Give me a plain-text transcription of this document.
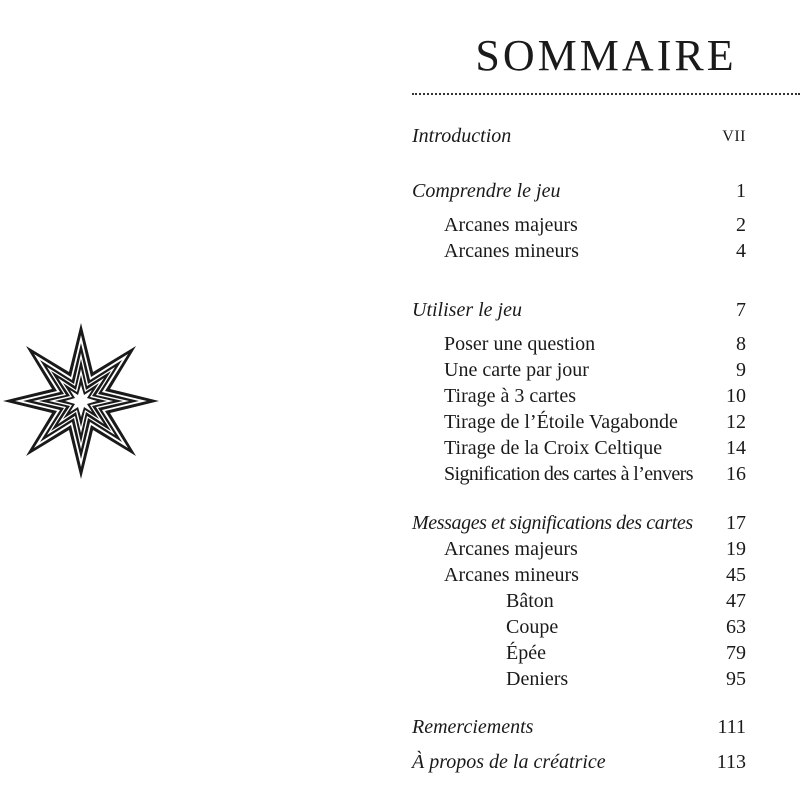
SOMMAIRE
Introduction	VII
Comprendre le jeu	1
Arcanes majeurs	2
Arcanes mineurs	4
Utiliser le jeu	7
Poser une question	8
Une carte par jour	9
Tirage à 3 cartes	10
Tirage de l’Étoile Vagabonde 12
Tirage de la Croix Celtique	14
Signification des cartes à l’envers 16
Messages et significations des cartes 17
Arcanes majeurs	19
Arcanes mineurs	45
Bâton	47
Coupe	63
Épée	79
Deniers	95
Remerciements	111
À propos de la créatrice	113
